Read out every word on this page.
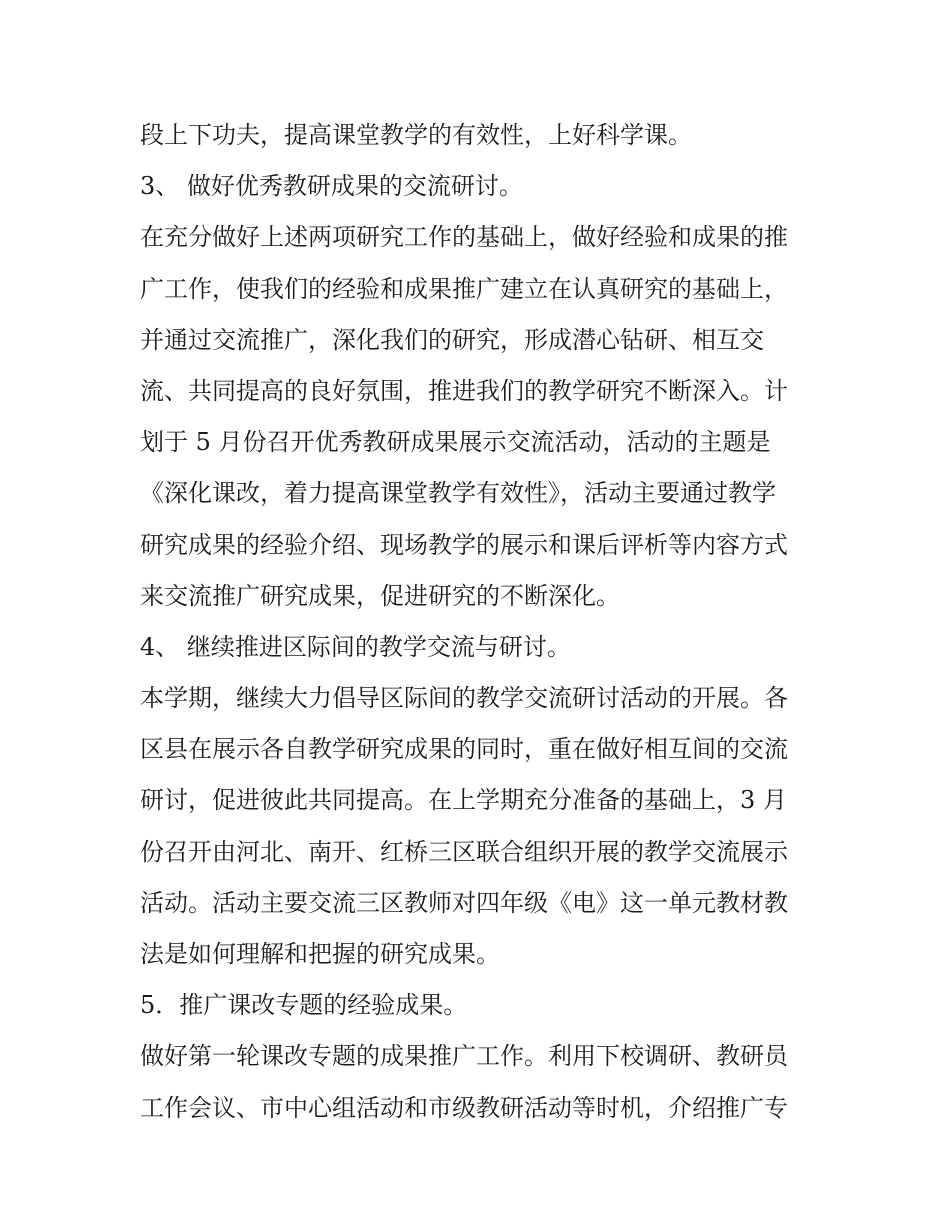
段上下功夫，提高课堂教学的有效性，上好科学课。
3、 做好优秀教研成果的交流研讨。
在充分做好上述两项研究工作的基础上，做好经验和成果的推
广工作，使我们的经验和成果推广建立在认真研究的基础上，
并通过交流推广，深化我们的研究，形成潜心钻研、相互交
流、共同提高的良好氛围，推进我们的教学研究不断深入。计
划于 5 月份召开优秀教研成果展示交流活动，活动的主题是
《深化课改，着力提高课堂教学有效性》，活动主要通过教学
研究成果的经验介绍、现场教学的展示和课后评析等内容方式
来交流推广研究成果，促进研究的不断深化。
4、 继续推进区际间的教学交流与研讨。
本学期，继续大力倡导区际间的教学交流研讨活动的开展。各
区县在展示各自教学研究成果的同时，重在做好相互间的交流
研讨，促进彼此共同提高。在上学期充分准备的基础上，3 月
份召开由河北、南开、红桥三区联合组织开展的教学交流展示
活动。活动主要交流三区教师对四年级《电》这一单元教材教
法是如何理解和把握的研究成果。
5．推广课改专题的经验成果。
做好第一轮课改专题的成果推广工作。利用下校调研、教研员
工作会议、市中心组活动和市级教研活动等时机，介绍推广专
